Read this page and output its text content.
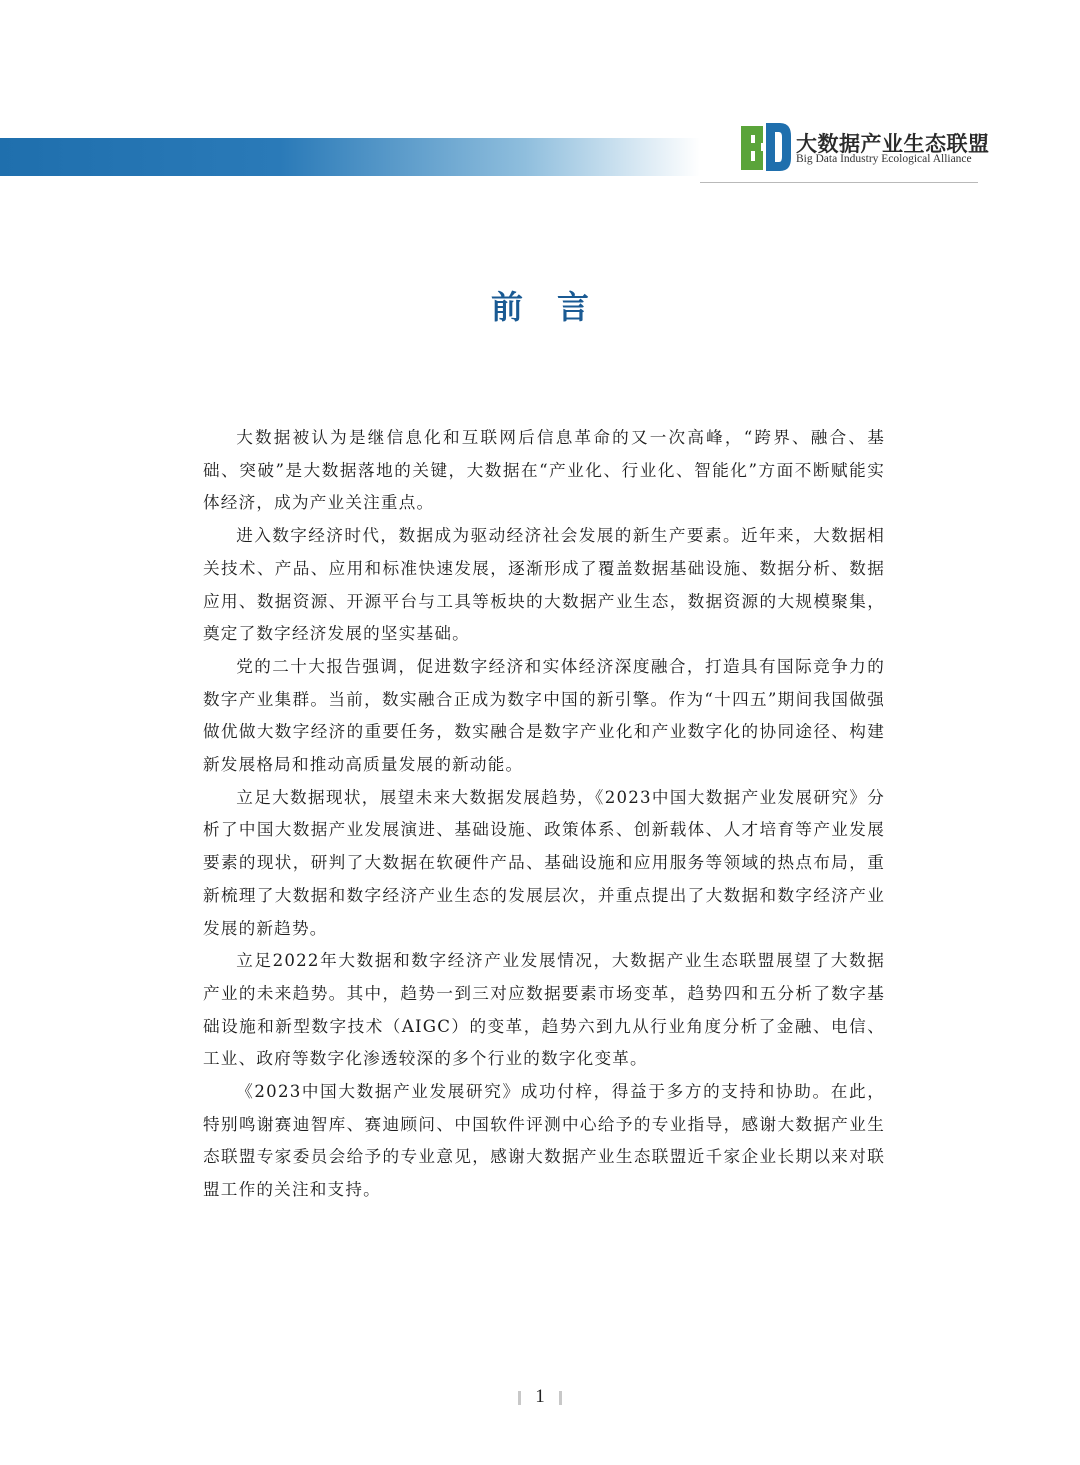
大数据产业生态联盟
Big Data Industry Ecological Alliance
前言

大数据被认为是继信息化和互联网后信息革命的又一次高峰，“跨界、融合、基础、突破”是大数据落地的关键，大数据在“产业化、行业化、智能化”方面不断赋能实体经济，成为产业关注重点。

进入数字经济时代，数据成为驱动经济社会发展的新生产要素。近年来，大数据相关技术、产品、应用和标准快速发展，逐渐形成了覆盖数据基础设施、数据分析、数据应用、数据资源、开源平台与工具等板块的大数据产业生态，数据资源的大规模聚集，奠定了数字经济发展的坚实基础。

党的二十大报告强调，促进数字经济和实体经济深度融合，打造具有国际竞争力的数字产业集群。当前，数实融合正成为数字中国的新引擎。作为“十四五”期间我国做强做优做大数字经济的重要任务，数实融合是数字产业化和产业数字化的协同途径、构建新发展格局和推动高质量发展的新动能。

立足大数据现状，展望未来大数据发展趋势，《2023中国大数据产业发展研究》分析了中国大数据产业发展演进、基础设施、政策体系、创新载体、人才培育等产业发展要素的现状，研判了大数据在软硬件产品、基础设施和应用服务等领域的热点布局，重新梳理了大数据和数字经济产业生态的发展层次，并重点提出了大数据和数字经济产业发展的新趋势。

立足2022年大数据和数字经济产业发展情况，大数据产业生态联盟展望了大数据产业的未来趋势。其中，趋势一到三对应数据要素市场变革，趋势四和五分析了数字基础设施和新型数字技术（AIGC）的变革，趋势六到九从行业角度分析了金融、电信、工业、政府等数字化渗透较深的多个行业的数字化变革。

《2023中国大数据产业发展研究》成功付梓，得益于多方的支持和协助。在此，特别鸣谢赛迪智库、赛迪顾问、中国软件评测中心给予的专业指导，感谢大数据产业生态联盟专家委员会给予的专业意见，感谢大数据产业生态联盟近千家企业长期以来对联盟工作的关注和支持。

1
